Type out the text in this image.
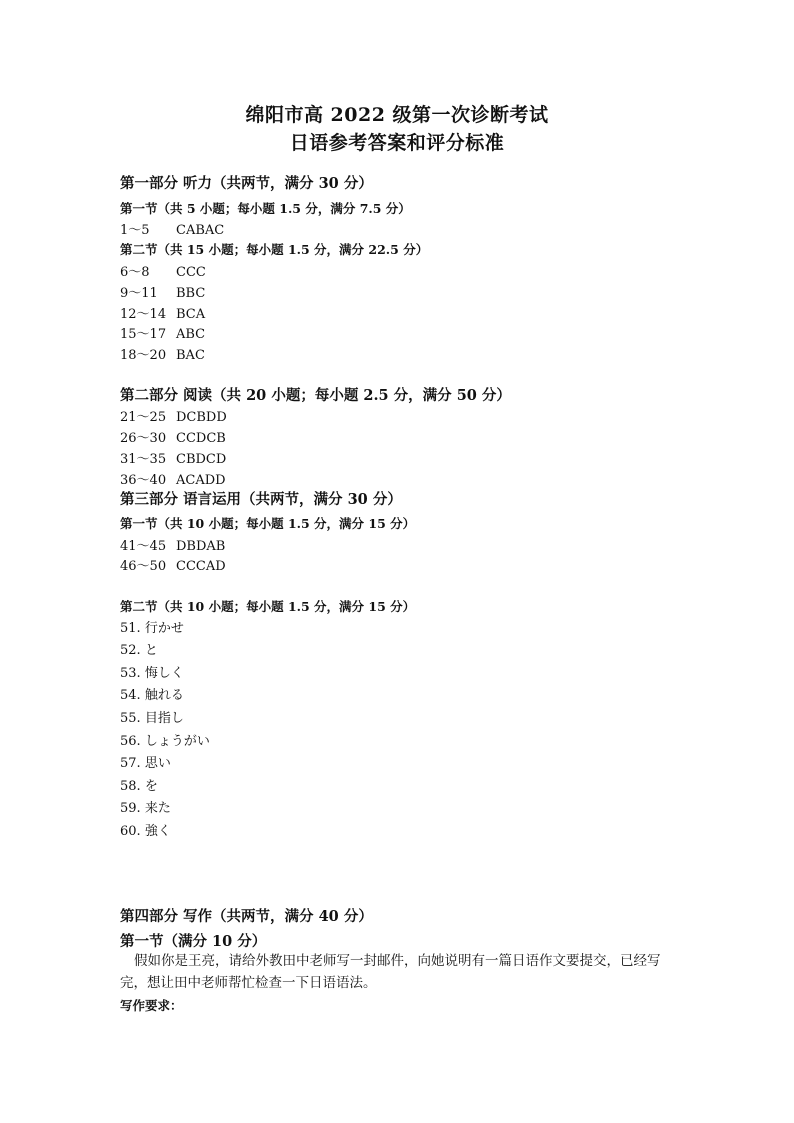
绵阳市高 2022 级第一次诊断考试
日语参考答案和评分标准

第一部分 听力（共两节，满分 30 分）

第一节（共 5 小题；每小题 1.5 分，满分 7.5 分）

1～5 CABAC

第二节（共 15 小题；每小题 1.5 分，满分 22.5 分）

6～8 CCC

9～11 BBC

12～14 BCA

15～17 ABC

18～20 BAC

第二部分 阅读（共 20 小题；每小题 2.5 分，满分 50 分）

21～25 DCBDD

26～30 CCDCB

31～35 CBDCD

36～40 ACADD

第三部分 语言运用（共两节，满分 30 分）

第一节（共 10 小题；每小题 1.5 分，满分 15 分）

41～45 DBDAB

46～50 CCCAD

第二节（共 10 小题；每小题 1.5 分，满分 15 分）

51. 行かせ

52. と

53. 悔しく

54. 触れる

55. 目指し

56. しょうがい

57. 思い

58. を

59. 来た

60. 強く

第四部分 写作（共两节，满分 40 分）

第一节（满分 10 分）

假如你是王亮，请给外教田中老师写一封邮件，向她说明有一篇日语作文要提交，已经写完，想让田中老师帮忙检查一下日语语法。

写作要求：
